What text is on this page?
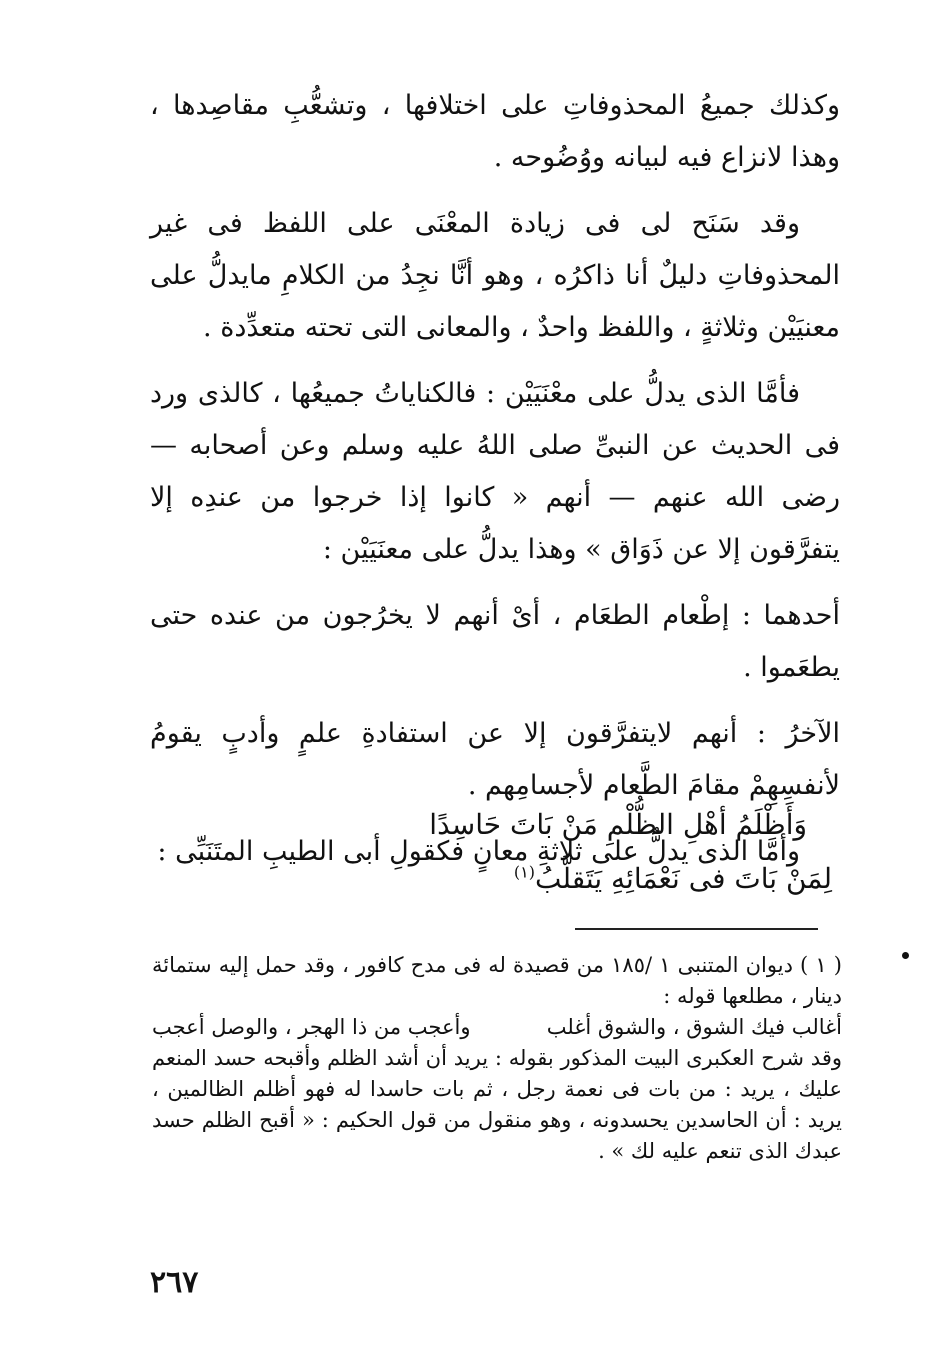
وكذلك جميعُ المحذوفاتِ على اختلافها ، وتشعُّبِ مقاصِدها ، وهذا لانزاع فيه لبيانه ووُضُوحه .

وقد سَنَح لى فى زيادة المعْنَى على اللفظ فى غير المحذوفاتِ دليلٌ أنا ذاكرُه ، وهو أنَّا نجِدُ من الكلامِ مايدلُّ على معنيَيْن وثلاثةٍ ، واللفظ واحدٌ ، والمعانى التى تحته متعدِّدة .

فأمَّا الذى يدلُّ على معْنَيَيْن : فالكناياتُ جميعُها ، كالذى ورد فى الحديث عن النبىِّ صلى اللهُ عليه وسلم وعن أصحابه — رضى الله عنهم — أنهم « كانوا إذا خرجوا من عندِه إلا يتفرَّقون إلا عن ذَوَاق » وهذا يدلُّ على معنَيَيْن :

أحدهما : إطْعام الطعَام ، أىْ أنهم لا يخرُجون من عنده حتى يطعَموا .

الآخرُ : أنهم لايتفرَّقون إلا عن استفادةِ علمٍ وأدبٍ يقومُ لأنفسِهِمْ مقامَ الطَّعام لأجسامِهم .

وأمَّا الذى يدلُّ على ثلاثةِ معانٍ فكقولِ أبى الطيبِ المتَنَبِّى :

وَأَظْلَمُ أهْلِ الظُّلْمِ مَنْ بَاتَ حَاسِدًا
لِمَنْ بَاتَ فى نَعْمَائِهِ يَتَقلَّبُ$^{(١)}$

( ١ ) ديوان المتنبى ١ /١٨٥ من قصيدة له فى مدح كافور ، وقد حمل إليه ستمائة دينار ، مطلعها قوله :

أغالب فيك الشوق ، والشوق أغلب
وأعجب من ذا الهجر ، والوصل أعجب

وقد شرح العكبرى البيت المذكور بقوله : يريد أن أشد الظلم وأقبحه حسد المنعم عليك ، يريد : من بات فى نعمة رجل ، ثم بات حاسدا له فهو أظلم الظالمين ، يريد : أن الحاسدين يحسدونه ، وهو منقول من قول الحكيم : « أقبح الظلم حسد عبدك الذى تنعم عليه لك » .

٢٦٧
